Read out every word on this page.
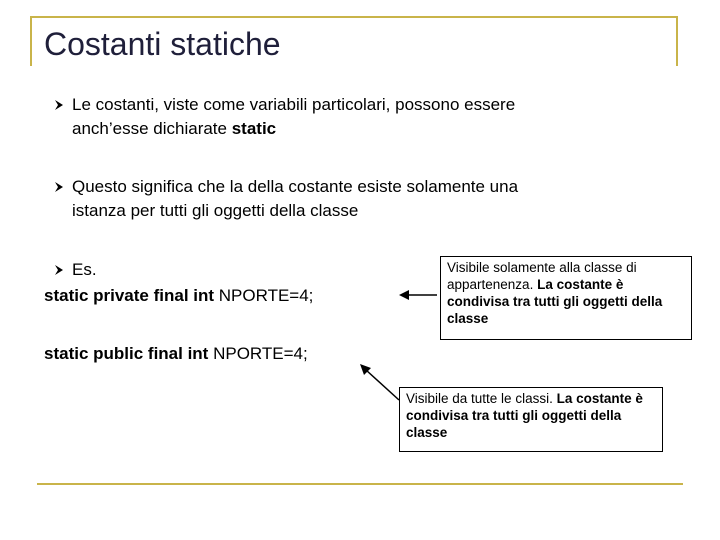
Costanti statiche
Le costanti, viste come variabili particolari, possono essere
anch’esse dichiarate static
Questo significa che la della costante esiste solamente una
istanza per tutti gli oggetti della classe
Es.
static private final int NPORTE=4;
static public final int NPORTE=4;
Visibile solamente alla classe di appartenenza. La costante è condivisa tra tutti gli oggetti della classe
Visibile da tutte le classi. La costante è condivisa tra tutti gli oggetti della classe
